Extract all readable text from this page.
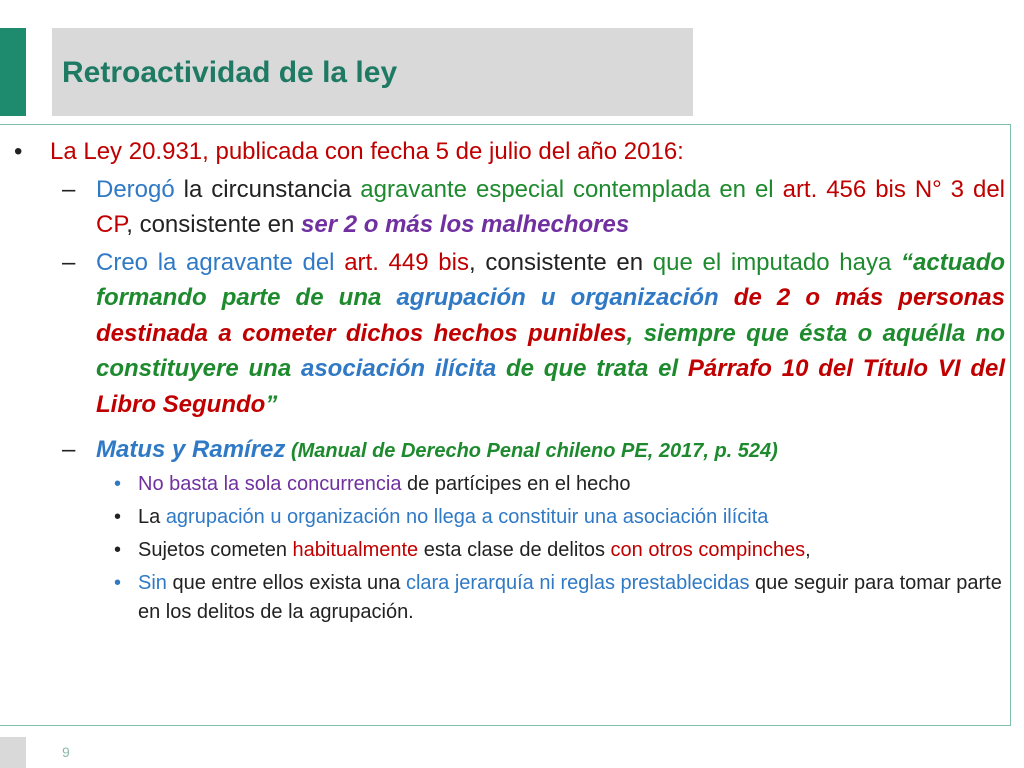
Retroactividad de la ley

• La Ley 20.931, publicada con fecha 5 de julio del año 2016:

– Derogó la circunstancia agravante especial contemplada en el art. 456 bis N° 3 del CP, consistente en ser 2 o más los malhechores

– Creo la agravante del art. 449 bis, consistente en que el imputado haya “actuado formando parte de una agrupación u organización de 2 o más personas destinada a cometer dichos hechos punibles, siempre que ésta o aquélla no constituyere una asociación ilícita de que trata el Párrafo 10 del Título VI del Libro Segundo”

– Matus y Ramírez (Manual de Derecho Penal chileno PE, 2017, p. 524)

• No basta la sola concurrencia de partícipes en el hecho

• La agrupación u organización no llega a constituir una asociación ilícita

• Sujetos cometen habitualmente esta clase de delitos con otros compinches,

• Sin que entre ellos exista una clara jerarquía ni reglas prestablecidas que seguir para tomar parte en los delitos de la agrupación.

9
